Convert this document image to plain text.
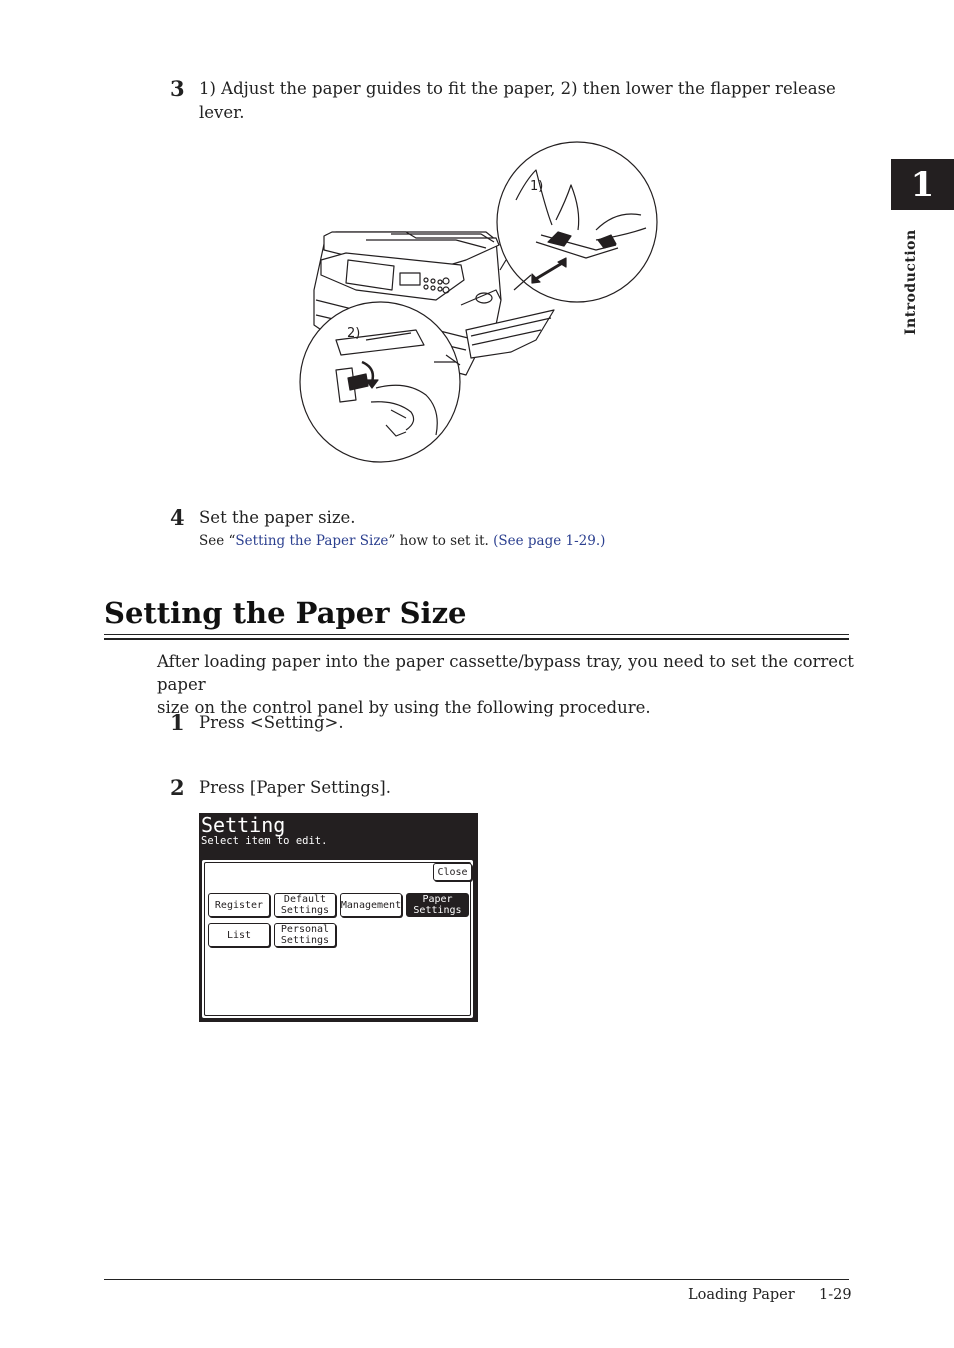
1
Introduction
3 1) Adjust the paper guides to fit the paper, 2) then lower the flapper release
lever.
1)
2)
4 Set the paper size.
See “Setting the Paper Size” how to set it. (See page 1-29.)
Setting the Paper Size
After loading paper into the paper cassette/bypass tray, you need to set the correct paper
size on the control panel by using the following procedure.
1 Press <Setting>.
2 Press [Paper Settings].
Setting
Select item to edit.
Close
Register Default
Settings Management Paper
Settings
List	Personal
Settings
Loading Paper 1-29
